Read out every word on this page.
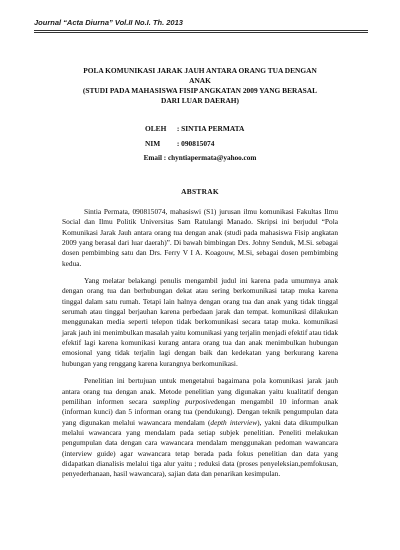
Journal “Acta Diurna” Vol.II No.I. Th. 2013
POLA KOMUNIKASI JARAK JAUH ANTARA ORANG TUA DENGAN
ANAK
(STUDI PADA MAHASISWA FISIP ANGKATAN 2009 YANG BERASAL
DARI LUAR DAERAH)
OLEH : SINTIA PERMATA
NIM : 090815074
Email : chyntiapermata@yahoo.com
ABSTRAK

Sintia Permata, 090815074, mahasiswi (S1) jurusan ilmu komunikasi Fakultas Ilmu Social dan Ilmu Politik Universitas Sam Ratulangi Manado. Skripsi ini berjudul “Pola Komunikasi Jarak Jauh antara orang tua dengan anak (studi pada mahasiswa Fisip angkatan 2009 yang berasal dari luar daerah)”. Di bawah bimbingan Drs. Johny Senduk, M.Si. sebagai dosen pembimbing satu dan Drs. Ferry V I A. Koagouw, M.Si, sebagai dosen pembimbing kedua.

Yang melatar belakangi penulis mengambil judul ini karena pada umumnya anak dengan orang tua dan berhubungan dekat atau sering berkomunikasi tatap muka karena tinggal dalam satu rumah. Tetapi lain halnya dengan orang tua dan anak yang tidak tinggal serumah atau tinggal berjauhan karena perbedaan jarak dan tempat. komunikasi dilakukan menggunakan media seperti telepon tidak berkomunikasi secara tatap muka. komunikasi jarak jauh ini menimbulkan masalah yaitu komunikasi yang terjalin menjadi efektif atau tidak efektif lagi karena komunikasi kurang antara orang tua dan anak menimbulkan hubungan emosional yang tidak terjalin lagi dengan baik dan kedekatan yang berkurang karena hubungan yang renggang karena kurangnya berkomunikasi.

Penelitian ini bertujuan untuk mengetahui bagaimana pola komunikasi jarak jauh antara orang tua dengan anak. Metode penelitian yang digunakan yaitu kualitatif dengan pemilihan informen secara sampling purposivedengan mengambil 10 informan anak (informan kunci) dan 5 informan orang tua (pendukung). Dengan teknik pengumpulan data yang digunakan melalui wawancara mendalam (depth interview), yakni data dikumpulkan melalui wawancara yang mendalam pada setiap subjek penelitian. Peneliti melakukan pengumpulan data dengan cara wawancara mendalam menggunakan pedoman wawancara (interview guide) agar wawancara tetap berada pada fokus penelitian dan data yang didapatkan dianalisis melalui tiga alur yaitu ; reduksi data (proses penyeleksian,pemfokusan, penyederhanaan, hasil wawancara), sajian data dan penarikan kesimpulan.
